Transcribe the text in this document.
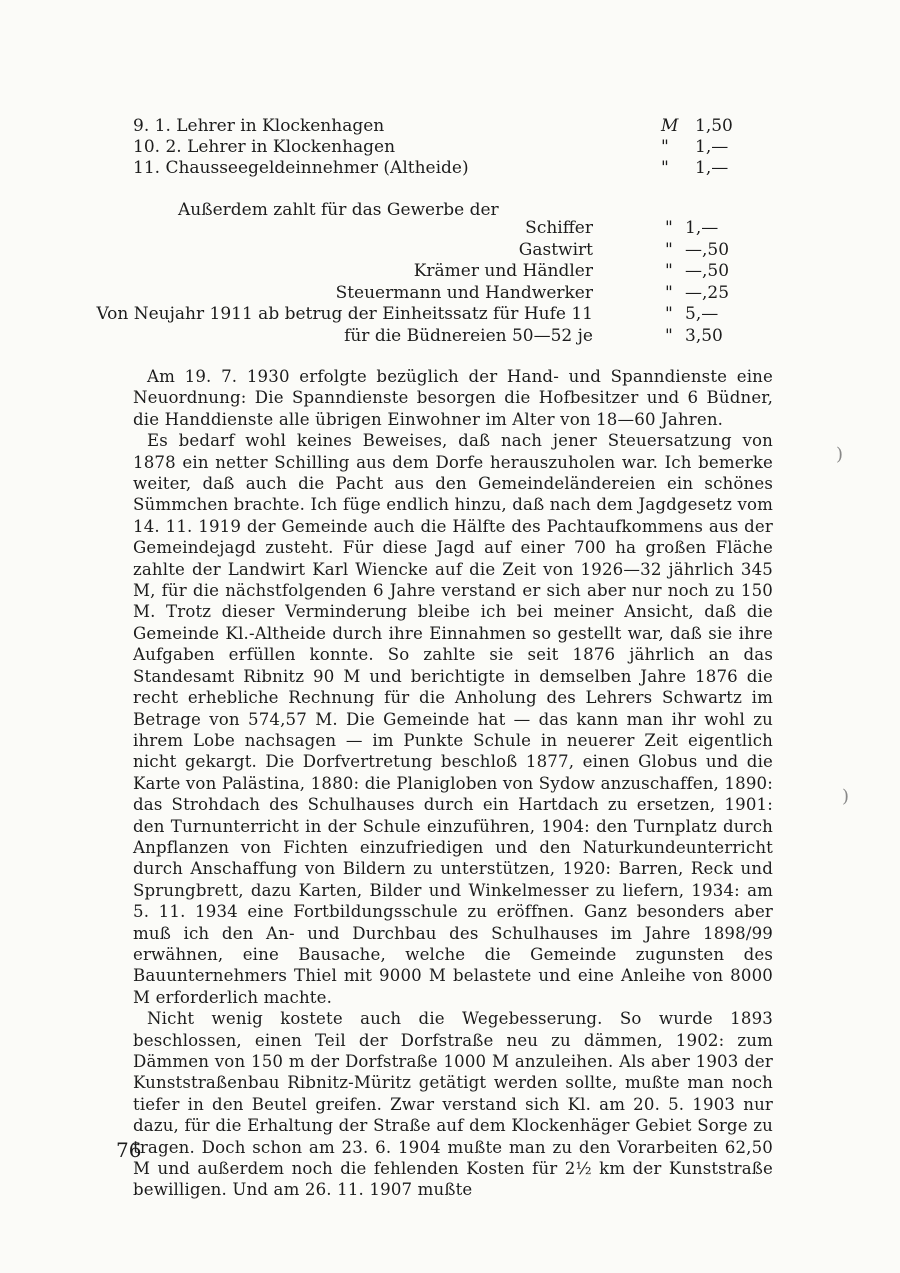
9. 1. Lehrer in Klockenhagen	M 1,50
10. 2. Lehrer in Klockenhagen	" 1,—
11. Chausseegeldeinnehmer (Altheide)	" 1,—
Außerdem zahlt für das Gewerbe der
Schiffer	" 1,—
Gastwirt	" —,50
Krämer und Händler	" —,50
Steuermann und Handwerker	" —,25
Von Neujahr 1911 ab betrug der Einheitssatz für Hufe 11	" 5,—
für die Büdnereien 50—52 je	" 3,50

Am 19. 7. 1930 erfolgte bezüglich der Hand- und Spanndienste eine Neuordnung: Die Spanndienste besorgen die Hofbesitzer und 6 Büdner, die Handdienste alle übrigen Einwohner im Alter von 18—60 Jahren.

Es bedarf wohl keines Beweises, daß nach jener Steuersatzung von 1878 ein netter Schilling aus dem Dorfe herauszuholen war. Ich bemerke weiter, daß auch die Pacht aus den Gemeindeländereien ein schönes Sümmchen brachte. Ich füge endlich hinzu, daß nach dem Jagdgesetz vom 14. 11. 1919 der Gemeinde auch die Hälfte des Pachtaufkommens aus der Gemeindejagd zusteht. Für diese Jagd auf einer 700 ha großen Fläche zahlte der Landwirt Karl Wiencke auf die Zeit von 1926—32 jährlich 345 M, für die nächstfolgenden 6 Jahre verstand er sich aber nur noch zu 150 M. Trotz dieser Verminderung bleibe ich bei meiner Ansicht, daß die Gemeinde Kl.-Altheide durch ihre Einnahmen so gestellt war, daß sie ihre Aufgaben erfüllen konnte. So zahlte sie seit 1876 jährlich an das Standesamt Ribnitz 90 M und berichtigte in demselben Jahre 1876 die recht erhebliche Rechnung für die Anholung des Lehrers Schwartz im Betrage von 574,57 M. Die Gemeinde hat — das kann man ihr wohl zu ihrem Lobe nachsagen — im Punkte Schule in neuerer Zeit eigentlich nicht gekargt. Die Dorfvertretung beschloß 1877, einen Globus und die Karte von Palästina, 1880: die Planigloben von Sydow anzuschaffen, 1890: das Strohdach des Schulhauses durch ein Hartdach zu ersetzen, 1901: den Turnunterricht in der Schule einzuführen, 1904: den Turnplatz durch Anpflanzen von Fichten einzufriedigen und den Naturkundeunterricht durch Anschaffung von Bildern zu unterstützen, 1920: Barren, Reck und Sprungbrett, dazu Karten, Bilder und Winkelmesser zu liefern, 1934: am 5. 11. 1934 eine Fortbildungsschule zu eröffnen. Ganz besonders aber muß ich den An- und Durchbau des Schulhauses im Jahre 1898/99 erwähnen, eine Bausache, welche die Gemeinde zugunsten des Bauunternehmers Thiel mit 9000 M belastete und eine Anleihe von 8000 M erforderlich machte.

Nicht wenig kostete auch die Wegebesserung. So wurde 1893 beschlossen, einen Teil der Dorfstraße neu zu dämmen, 1902: zum Dämmen von 150 m der Dorfstraße 1000 M anzuleihen. Als aber 1903 der Kunststraßenbau Ribnitz-Müritz getätigt werden sollte, mußte man noch tiefer in den Beutel greifen. Zwar verstand sich Kl. am 20. 5. 1903 nur dazu, für die Erhaltung der Straße auf dem Klockenhäger Gebiet Sorge zu tragen. Doch schon am 23. 6. 1904 mußte man zu den Vorarbeiten 62,50 M und außerdem noch die fehlenden Kosten für 2½ km der Kunststraße bewilligen. Und am 26. 11. 1907 mußte

)
)
76
